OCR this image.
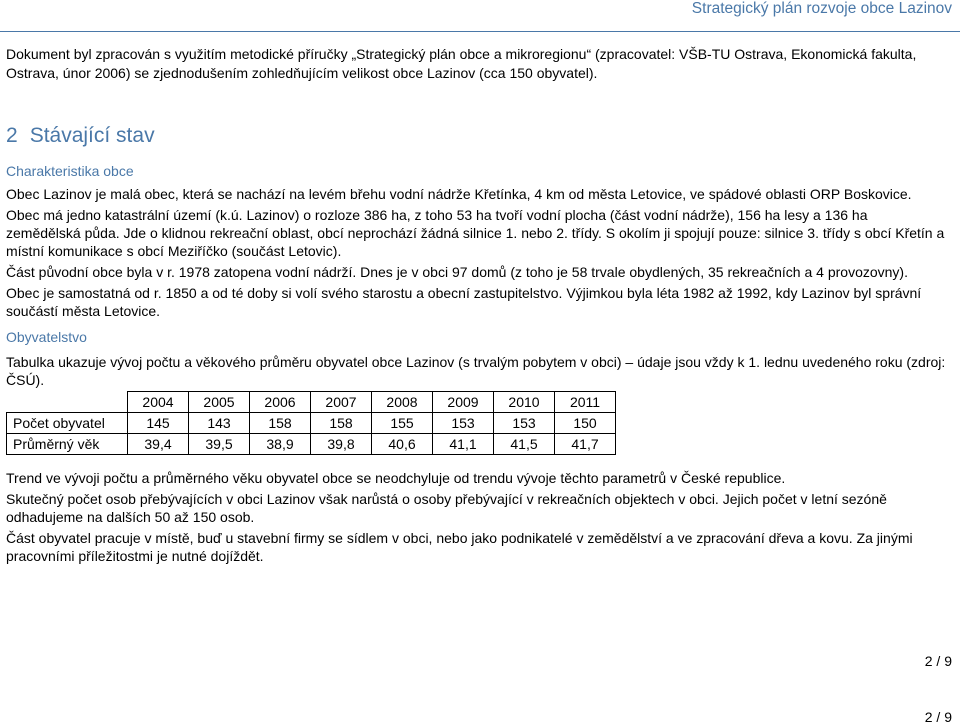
Strategický plán rozvoje obce Lazinov
Dokument byl zpracován s využitím metodické příručky „Strategický plán obce a mikroregionu“ (zpracovatel: VŠB-TU Ostrava, Ekonomická fakulta, Ostrava, únor 2006) se zjednodušením zohledňujícím velikost obce Lazinov (cca 150 obyvatel).
2 Stávající stav
Charakteristika obce

Obec Lazinov je malá obec, která se nachází na levém břehu vodní nádrže Křetínka, 4 km od města Letovice, ve spádové oblasti ORP Boskovice.

Obec má jedno katastrální území (k.ú. Lazinov) o rozloze 386 ha, z toho 53 ha tvoří vodní plocha (část vodní nádrže), 156 ha lesy a 136 ha zemědělská půda. Jde o klidnou rekreační oblast, obcí neprochází žádná silnice 1. nebo 2. třídy. S okolím ji spojují pouze: silnice 3. třídy s obcí Křetín a místní komunikace s obcí Meziříčko (součást Letovic).

Část původní obce byla v r. 1978 zatopena vodní nádrží. Dnes je v obci 97 domů (z toho je 58 trvale obydlených, 35 rekreačních a 4 provozovny).

Obec je samostatná od r. 1850 a od té doby si volí svého starostu a obecní zastupitelstvo. Výjimkou byla léta 1982 až 1992, kdy Lazinov byl správní součástí města Letovice.

Obyvatelstvo

Tabulka ukazuje vývoj počtu a věkového průměru obyvatel obce Lazinov (s trvalým pobytem v obci) – údaje jsou vždy k 1. lednu uvedeného roku (zdroj: ČSÚ).

	2004	2005	2006	2007	2008	2009	2010	2011
Počet obyvatel	145	143	158	158	155	153	153	150
Průměrný věk	39,4	39,5	38,9	39,8	40,6	41,1	41,5	41,7

Trend ve vývoji počtu a průměrného věku obyvatel obce se neodchyluje od trendu vývoje těchto parametrů v České republice.

Skutečný počet osob přebývajících v obci Lazinov však narůstá o osoby přebývající v rekreačních objektech v obci. Jejich počet v letní sezóně odhadujeme na dalších 50 až 150 osob.

Část obyvatel pracuje v místě, buď u stavební firmy se sídlem v obci, nebo jako podnikatelé v zemědělství a ve zpracování dřeva a kovu. Za jinými pracovními příležitostmi je nutné dojíždět.

2 / 9
2 / 9
